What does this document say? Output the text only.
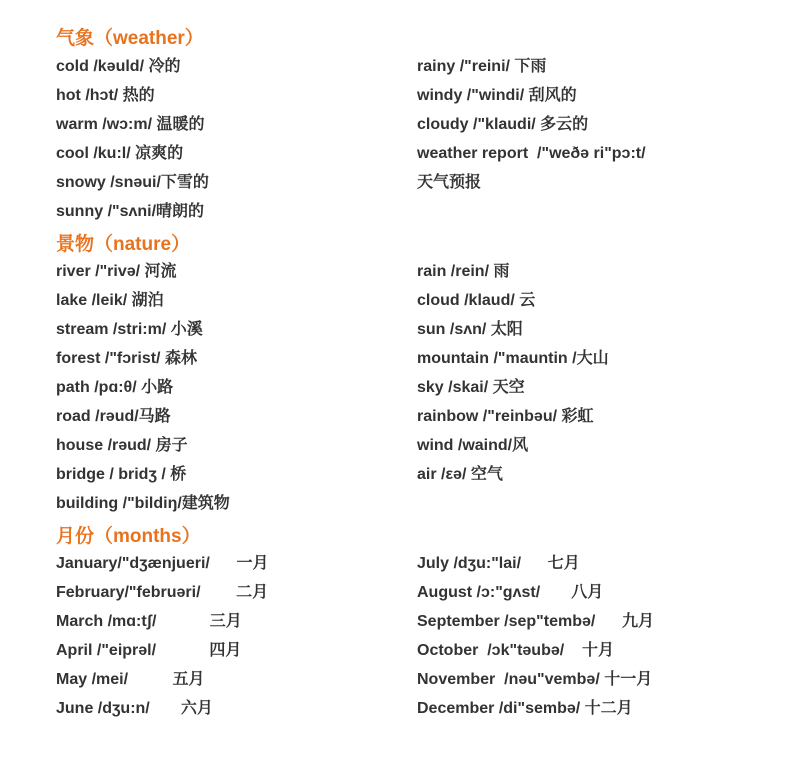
气象（weather）
cold /kəuld/ 冷的
hot /hɔt/ 热的
warm /wɔ:m/ 温暖的
cool /ku:l/ 凉爽的
snowy /snəui/下雪的
sunny /"sʌni/晴朗的
rainy /"reini/ 下雨
windy /"windi/ 刮风的
cloudy /"klaudi/ 多云的
weather report  /"weðə ri"pɔ:t/
天气预报
景物（nature）
river /"rivə/ 河流
lake /leik/ 湖泊
stream /stri:m/ 小溪
forest /"fɔrist/ 森林
path /pɑ:θ/ 小路
road /rəud/马路
house /rəud/ 房子
bridge / bridʒ / 桥
building /"bildiŋ/建筑物
rain /rein/ 雨
cloud /klaud/ 云
sun /sʌn/ 太阳
mountain /"mauntin /大山
sky /skai/ 天空
rainbow /"reinbəu/ 彩虹
wind /waind/风
air /εə/ 空气
月份（months）
January/"dʒænjueri/      一月
February/"februəri/        二月
March /mɑ:tʃ/            三月
April /"eiprəl/            四月
May /mei/          五月
June /dʒu:n/       六月
July /dʒu:"lai/      七月
August /ɔ:"gʌst/       八月
September /sep"tembə/      九月
October  /ɔk"təubə/    十月
November  /nəu"vembə/ 十一月
December /di"sembə/ 十二月
